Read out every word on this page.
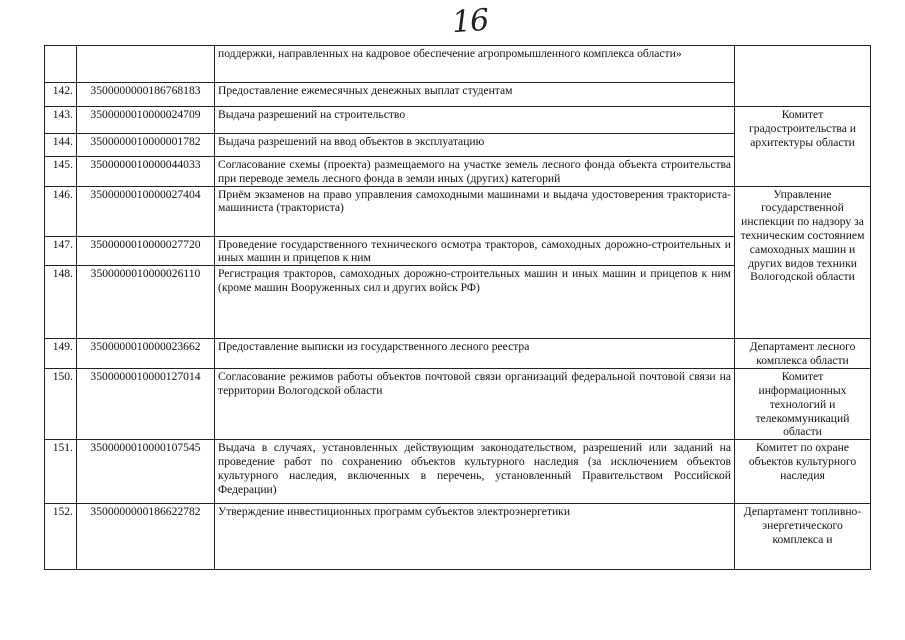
16
		поддержки, направленных на кадровое обеспечение агропромышленного комплекса области»	
142.	3500000000186768183	Предоставление ежемесячных денежных выплат студентам	
143.	3500000010000024709	Выдача разрешений на строительство	Комитет градостроительства и архитектуры области
144.	3500000010000001782	Выдача разрешений на ввод объектов в эксплуатацию	
145.	3500000010000044033	Согласование схемы (проекта) размещаемого на участке земель лесного фонда объекта строительства при переводе земель лесного фонда в земли иных (других) категорий	
146.	3500000010000027404	Приём экзаменов на право управления самоходными машинами и выдача удостоверения тракториста-машиниста (тракториста)	Управление государственной инспекции по надзору за техническим состоянием самоходных машин и других видов техники Вологодской области
147.	3500000010000027720	Проведение государственного технического осмотра тракторов, самоходных дорожно-строительных и иных машин и прицепов к ним	
148.	3500000010000026110	Регистрация тракторов, самоходных дорожно-строительных машин и иных машин и прицепов к ним (кроме машин Вооруженных сил и других войск РФ)	
149.	3500000010000023662	Предоставление выписки из государственного лесного реестра	Департамент лесного комплекса области
150.	3500000010000127014	Согласование режимов работы объектов почтовой связи организаций федеральной почтовой связи на территории Вологодской области	Комитет информационных технологий и телекоммуникаций области
151.	3500000010000107545	Выдача в случаях, установленных действующим законодательством, разрешений или заданий на проведение работ по сохранению объектов культурного наследия (за исключением объектов культурного наследия, включенных в перечень, установленный Правительством Российской Федерации)	Комитет по охране объектов культурного наследия
152.	3500000000186622782	Утверждение инвестиционных программ субъектов электроэнергетики	Департамент топливно-энергетического комплекса и
